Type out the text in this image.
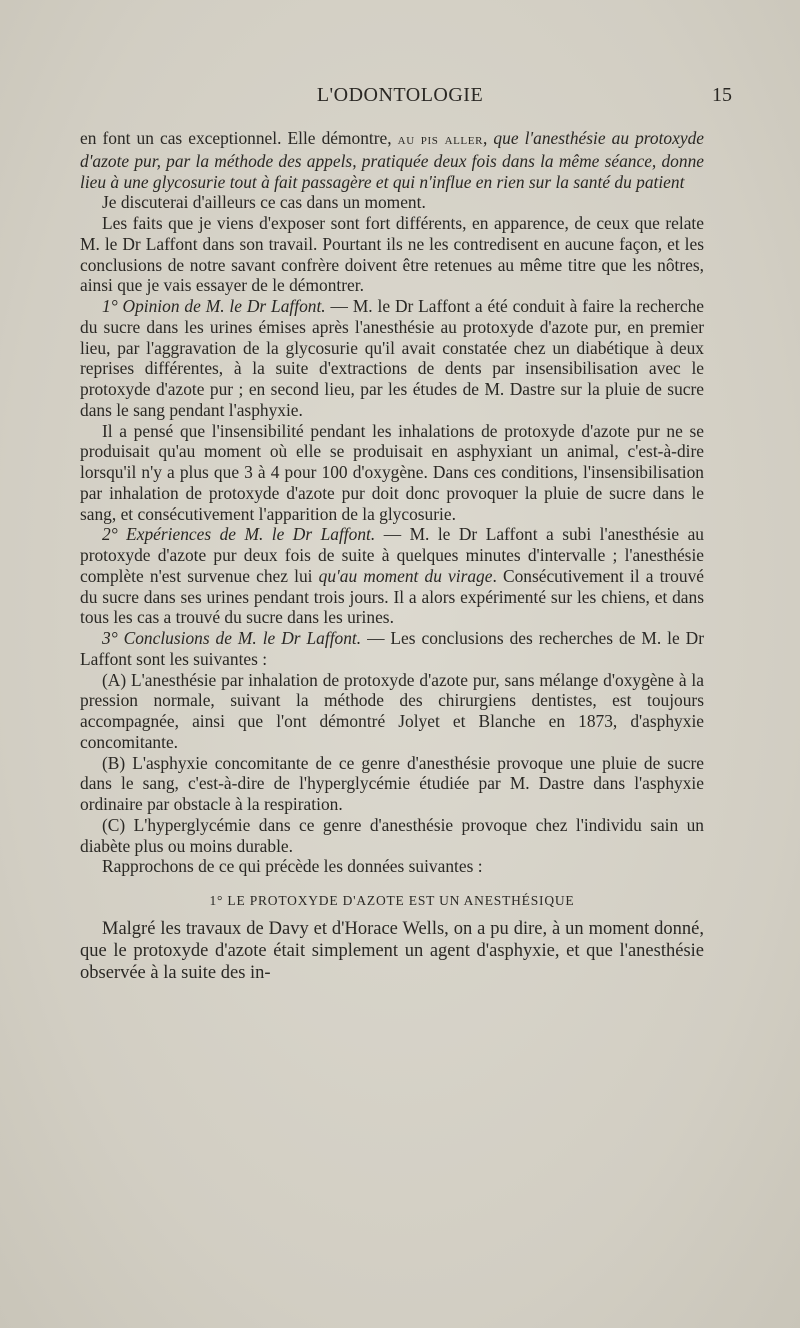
L'ODONTOLOGIE	15

en font un cas exceptionnel. Elle démontre, au pis aller, que l'anesthésie au protoxyde d'azote pur, par la méthode des appels, pratiquée deux fois dans la même séance, donne lieu à une glycosurie tout à fait passagère et qui n'influe en rien sur la santé du patient

Je discuterai d'ailleurs ce cas dans un moment.

Les faits que je viens d'exposer sont fort différents, en apparence, de ceux que relate M. le Dr Laffont dans son travail. Pourtant ils ne les contredisent en aucune façon, et les conclusions de notre savant confrère doivent être retenues au même titre que les nôtres, ainsi que je vais essayer de le démontrer.

1° Opinion de M. le Dr Laffont. — M. le Dr Laffont a été conduit à faire la recherche du sucre dans les urines émises après l'anesthésie au protoxyde d'azote pur, en premier lieu, par l'aggravation de la glycosurie qu'il avait constatée chez un diabétique à deux reprises différentes, à la suite d'extractions de dents par insensibilisation avec le protoxyde d'azote pur ; en second lieu, par les études de M. Dastre sur la pluie de sucre dans le sang pendant l'asphyxie.

Il a pensé que l'insensibilité pendant les inhalations de protoxyde d'azote pur ne se produisait qu'au moment où elle se produisait en asphyxiant un animal, c'est-à-dire lorsqu'il n'y a plus que 3 à 4 pour 100 d'oxygène. Dans ces conditions, l'insensibilisation par inhalation de protoxyde d'azote pur doit donc provoquer la pluie de sucre dans le sang, et consécutivement l'apparition de la glycosurie.

2° Expériences de M. le Dr Laffont. — M. le Dr Laffont a subi l'anesthésie au protoxyde d'azote pur deux fois de suite à quelques minutes d'intervalle ; l'anesthésie complète n'est survenue chez lui qu'au moment du virage. Consécutivement il a trouvé du sucre dans ses urines pendant trois jours. Il a alors expérimenté sur les chiens, et dans tous les cas a trouvé du sucre dans les urines.

3° Conclusions de M. le Dr Laffont. — Les conclusions des recherches de M. le Dr Laffont sont les suivantes :

(A) L'anesthésie par inhalation de protoxyde d'azote pur, sans mélange d'oxygène à la pression normale, suivant la méthode des chirurgiens dentistes, est toujours accompagnée, ainsi que l'ont démontré Jolyet et Blanche en 1873, d'asphyxie concomitante.

(B) L'asphyxie concomitante de ce genre d'anesthésie provoque une pluie de sucre dans le sang, c'est-à-dire de l'hyperglycémie étudiée par M. Dastre dans l'asphyxie ordinaire par obstacle à la respiration.

(C) L'hyperglycémie dans ce genre d'anesthésie provoque chez l'individu sain un diabète plus ou moins durable.

Rapprochons de ce qui précède les données suivantes :

1° LE PROTOXYDE D'AZOTE EST UN ANESTHÉSIQUE

Malgré les travaux de Davy et d'Horace Wells, on a pu dire, à un moment donné, que le protoxyde d'azote était simplement un agent d'asphyxie, et que l'anesthésie observée à la suite des in-
